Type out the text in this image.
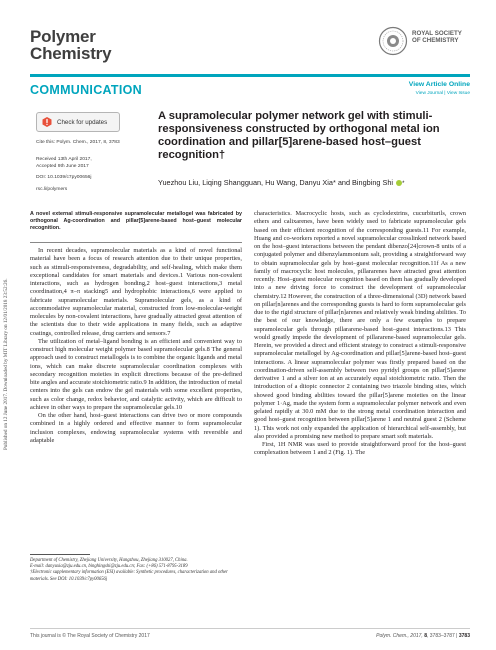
Published on 12 June 2017. Downloaded by MIT Library on 12/01/2018 23:52:26.
Polymer
Chemistry
ROYAL SOCIETY
OF CHEMISTRY
COMMUNICATION	View Article Online
View Journal | View Issue
Check for updates
Cite this: Polym. Chem., 2017, 8, 3783
Received 13th April 2017,
Accepted 9th June 2017
DOI: 10.1039/c7py00656j
rsc.li/polymers
A supramolecular polymer network gel with stimuli-responsiveness constructed by orthogonal metal ion coordination and pillar[5]arene-based host–guest recognition†
Yuezhou Liu, Liqing Shangguan, Hu Wang, Danyu Xia* and Bingbing Shi *
A novel external stimuli-responsive supramolecular metallogel was fabricated by orthogonal Ag-coordination and pillar[5]arene-based host–guest molecular recognition.

In recent decades, supramolecular materials as a kind of novel functional material have been a focus of research attention due to their unique properties, such as stimuli-responsiveness, degradability, and self-healing, which make them exceptional candidates for smart materials and devices.1 Various non-covalent interactions, such as hydrogen bonding,2 host–guest interactions,3 metal coordination,4 π–π stacking5 and hydrophobic interactions,6 were applied to fabricate supramolecular materials. Supramolecular gels, as a kind of accommodative supramolecular material, constructed from low-molecular-weight molecules by non-covalent interactions, have gradually attracted great attention of the scientists due to their wide applications in many fields, such as adaptive coatings, controlled release, drug carriers and sensors.7

The utilization of metal–ligand bonding is an efficient and convenient way to construct high molecular weight polymer based supramolecular gels.8 The general approach used to construct metallogels is to combine the organic ligands and metal ions, which can make discrete supramolecular coordination complexes with secondary recognition moieties in explicit directions because of the pre-defined bite angles and accurate stoichiometric ratio.9 In addition, the introduction of metal centers into the gels can endow the gel materials with some excellent properties, such as color change, redox behavior, and catalytic activity, which are difficult to achieve in other ways to prepare the supramolecular gels.10

On the other hand, host–guest interactions can drive two or more compounds combined in a highly ordered and effective manner to form supramolecular inclusion complexes, endowing supramolecular systems with reversible and adaptable

Department of Chemistry, Zhejiang University, Hangzhou, Zhejiang 310027, China.
E-mail: danyuxia@zju.edu.cn, binghingshi@zju.edu.cn; Fax: (+86) 571-8795-3189
†Electronic supplementary information (ESI) available: Synthetic procedures, characterization and other materials. See DOI: 10.1039/c7py00656j

characteristics. Macrocyclic hosts, such as cyclodextrins, cucurbiturils, crown ethers and calixarenes, have been widely used to fabricate supramolecular gels based on their efficient recognition of the corresponding guests.11 For example, Huang and co-workers reported a novel supramolecular crosslinked network based on the host–guest interactions between the pendant dibenzo[24]crown-8 units of a conjugated polymer and dibenzylammonium salt, providing a straightforward way to obtain supramolecular gels by host–guest molecular recognition.11f As a new family of macrocyclic host molecules, pillararenes have attracted great attention recently. Host–guest molecular recognition based on them has gradually developed into a new driving force to construct the development of supramolecular chemistry.12 However, the construction of a three-dimensional (3D) network based on pillar[n]arenes and the corresponding guests is hard to form supramolecular gels due to the rigid structure of pillar[n]arenes and relatively weak binding abilities. To the best of our knowledge, there are only a few examples to prepare supramolecular gels through pillararene-based host–guest interactions.13 This would greatly impede the development of pillararene-based supramolecular gels. Herein, we provided a direct and efficient strategy to construct a stimuli-responsive supramolecular metallogel by Ag-coordination and pillar[5]arene-based host–guest interactions. A linear supramolecular polymer was firstly prepared based on the coordination-driven self-assembly between two pyridyl groups on pillar[5]arene derivative 1 and a silver ion at an accurately equal stoichiometric ratio. Then the introduction of a ditopic connector 2 containing two triazole binding sites, which showed good binding abilities toward the pillar[5]arene moieties on the linear polymer 1·Ag, made the system form a supramolecular polymer network and even gelated rapidly at 30.0 mM due to the strong metal coordination interaction and good host–guest recognition between pillar[5]arene 1 and neutral guest 2 (Scheme 1). This work not only expanded the application of hierarchical self-assembly, but also provided a promising new method to prepare smart soft materials.

First, 1H NMR was used to provide straightforward proof for the host–guest complexation between 1 and 2 (Fig. 1). The

This journal is © The Royal Society of Chemistry 2017	Polym. Chem., 2017, 8, 3783–3787 | 3783
